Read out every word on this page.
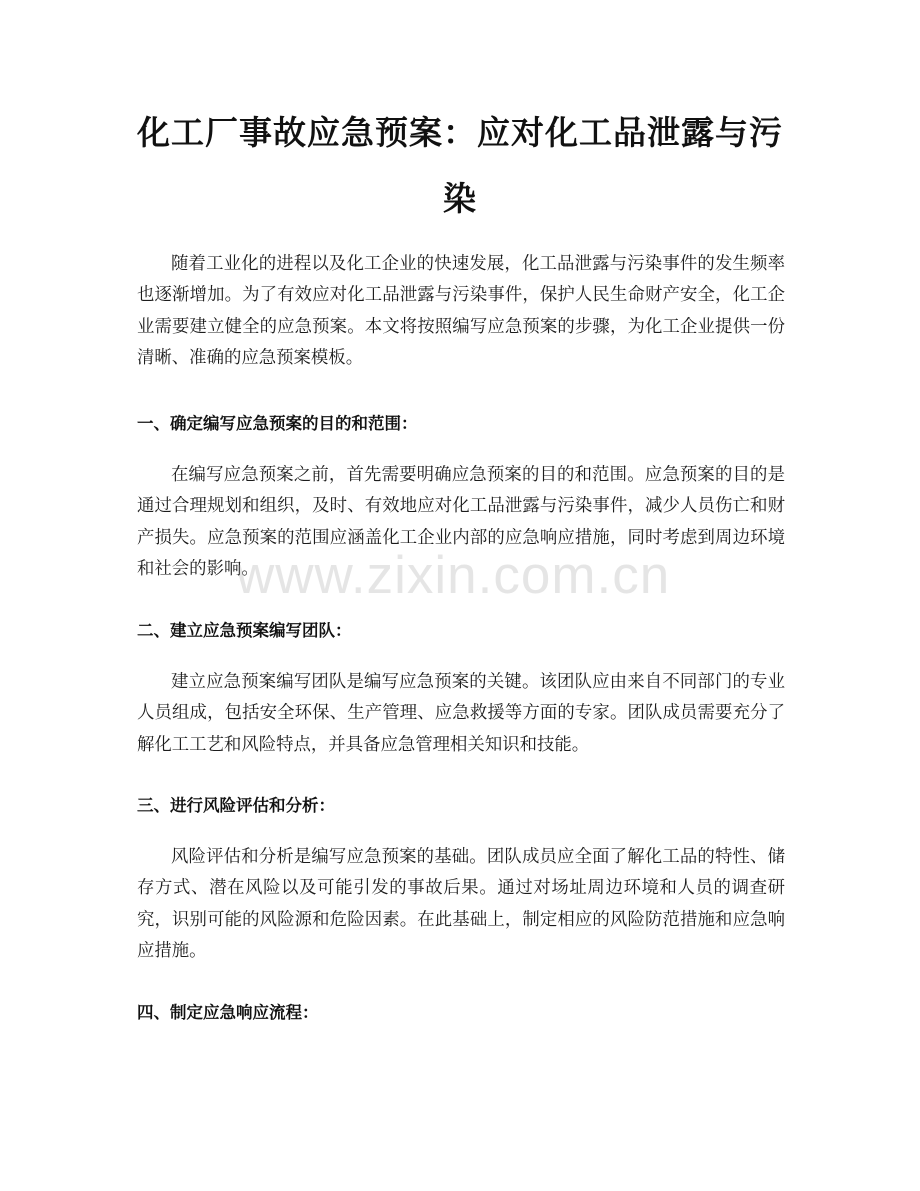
化工厂事故应急预案：应对化工品泄露与污染

随着工业化的进程以及化工企业的快速发展，化工品泄露与污染事件的发生频率也逐渐增加。为了有效应对化工品泄露与污染事件，保护人民生命财产安全，化工企业需要建立健全的应急预案。本文将按照编写应急预案的步骤，为化工企业提供一份清晰、准确的应急预案模板。

一、确定编写应急预案的目的和范围：

在编写应急预案之前，首先需要明确应急预案的目的和范围。应急预案的目的是通过合理规划和组织，及时、有效地应对化工品泄露与污染事件，减少人员伤亡和财产损失。应急预案的范围应涵盖化工企业内部的应急响应措施，同时考虑到周边环境和社会的影响。

二、建立应急预案编写团队：

建立应急预案编写团队是编写应急预案的关键。该团队应由来自不同部门的专业人员组成，包括安全环保、生产管理、应急救援等方面的专家。团队成员需要充分了解化工工艺和风险特点，并具备应急管理相关知识和技能。

三、进行风险评估和分析：

风险评估和分析是编写应急预案的基础。团队成员应全面了解化工品的特性、储存方式、潜在风险以及可能引发的事故后果。通过对场址周边环境和人员的调查研究，识别可能的风险源和危险因素。在此基础上，制定相应的风险防范措施和应急响应措施。

四、制定应急响应流程：
www.zixin.com.cn
